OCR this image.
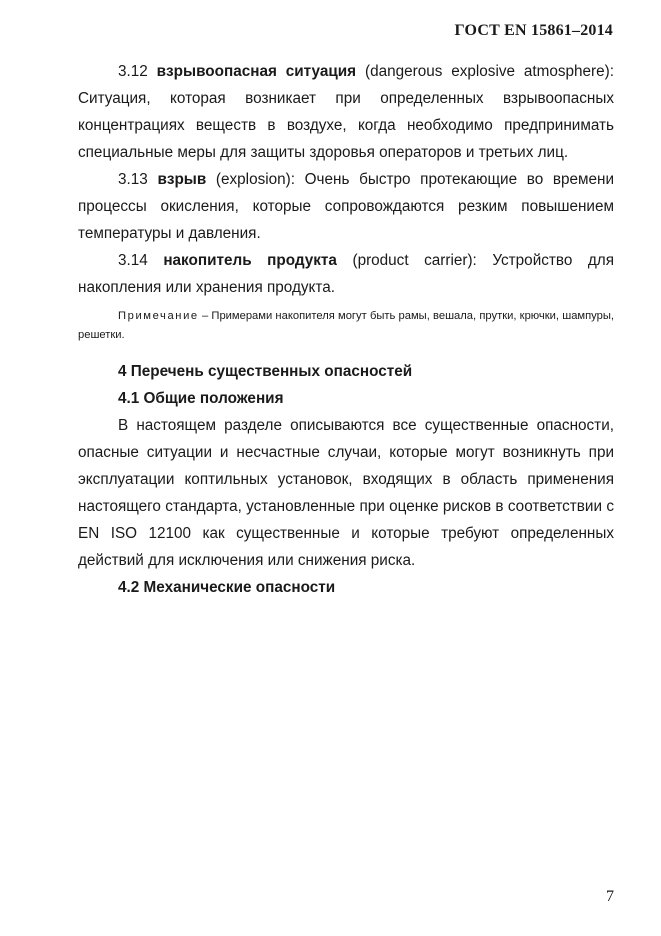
ГОСТ EN 15861–2014

3.12 взрывоопасная ситуация (dangerous explosive atmosphere): Ситуация, которая возникает при определенных взрывоопасных концентрациях веществ в воздухе, когда необходимо предпринимать специальные меры для защиты здоровья операторов и третьих лиц.

3.13 взрыв (explosion): Очень быстро протекающие во времени процессы окисления, которые сопровождаются резким повышением температуры и давления.

3.14 накопитель продукта (product carrier): Устройство для накопления или хранения продукта.

Примечание – Примерами накопителя могут быть рамы, вешала, прутки, крючки, шампуры, решетки.

4 Перечень существенных опасностей

4.1 Общие положения

В настоящем разделе описываются все существенные опасности, опасные ситуации и несчастные случаи, которые могут возникнуть при эксплуатации коптильных установок, входящих в область применения настоящего стандарта, установленные при оценке рисков в соответствии с EN ISO 12100 как существенные и которые требуют определенных действий для исключения или снижения риска.

4.2 Механические опасности

7
